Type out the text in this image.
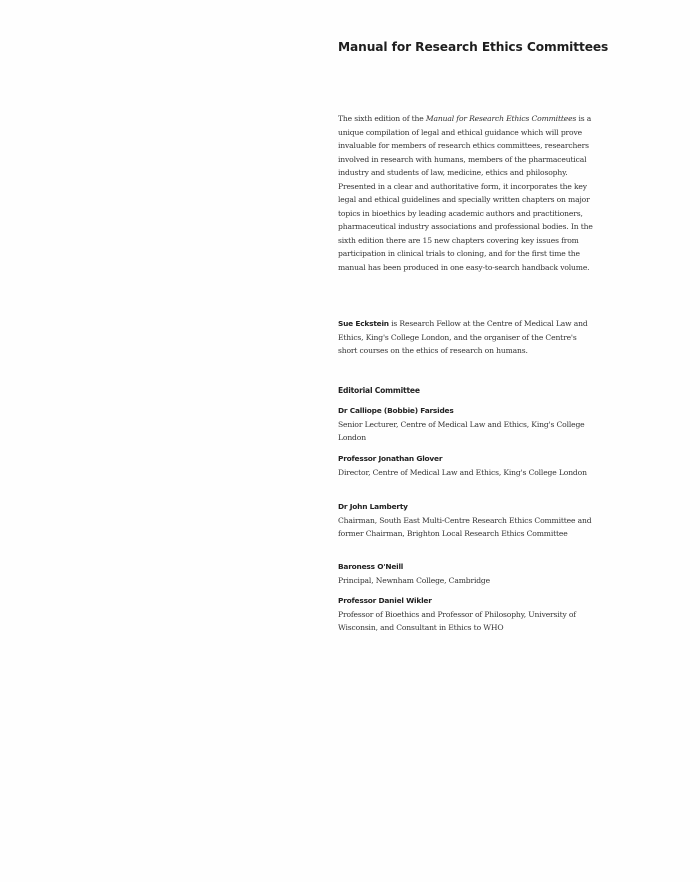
Manual for Research Ethics Committees

The sixth edition of the Manual for Research Ethics Committees is a unique compilation of legal and ethical guidance which will prove invaluable for members of research ethics committees, researchers involved in research with humans, members of the pharmaceutical industry and students of law, medicine, ethics and philosophy. Presented in a clear and authoritative form, it incorporates the key legal and ethical guidelines and specially written chapters on major topics in bioethics by leading academic authors and practitioners, pharmaceutical industry associations and professional bodies. In the sixth edition there are 15 new chapters covering key issues from participation in clinical trials to cloning, and for the first time the manual has been produced in one easy-to-search handback volume.

Sue Eckstein is Research Fellow at the Centre of Medical Law and Ethics, King's College London, and the organiser of the Centre's short courses on the ethics of research on humans.

Editorial Committee

Dr Calliope (Bobbie) Farsides

Senior Lecturer, Centre of Medical Law and Ethics, King's College London

Professor Jonathan Glover

Director, Centre of Medical Law and Ethics, King's College London

Dr John Lamberty

Chairman, South East Multi-Centre Research Ethics Committee and former Chairman, Brighton Local Research Ethics Committee

Baroness O'Neill

Principal, Newnham College, Cambridge

Professor Daniel Wikler

Professor of Bioethics and Professor of Philosophy, University of Wisconsin, and Consultant in Ethics to WHO
